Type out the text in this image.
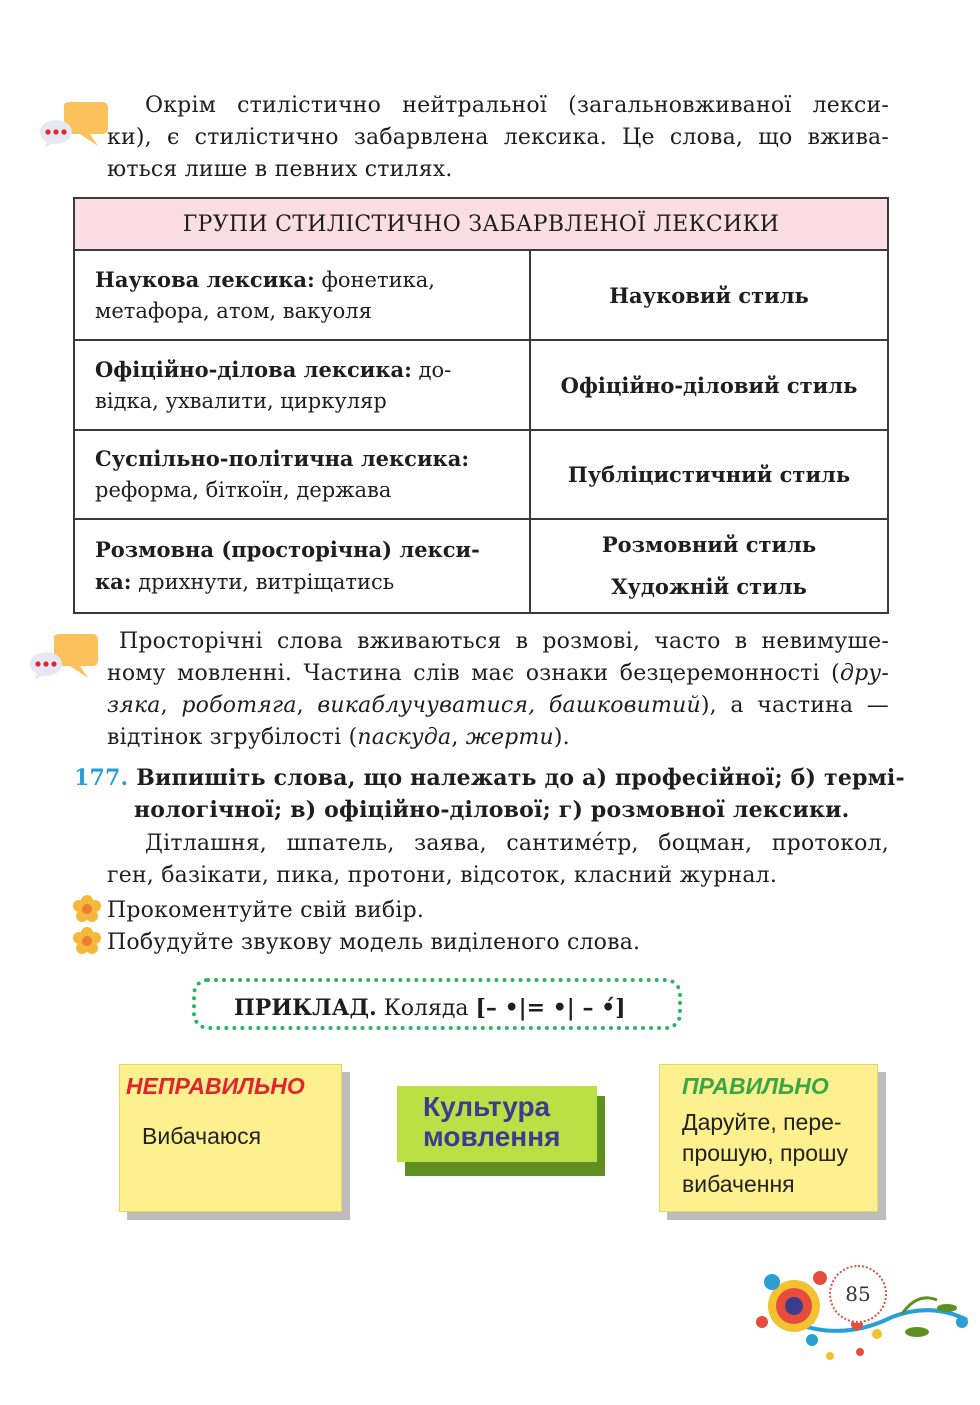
Окрім стилістично нейтральної (загальновживаної лекси-
ки), є стилістично забарвлена лексика. Це слова, що вжива-
ються лише в певних стилях.
ГРУПИ СТИЛІСТИЧНО ЗАБАРВЛЕНОЇ ЛЕКСИКИ	
Наукова лексика: фонетика,
метафора, атом, вакуоля	Науковий стиль
Офіційно-ділова лексика: до-
відка, ухвалити, циркуляр	Офіційно-діловий стиль
Суспільно-політична лексика:
реформа, біткоїн, держава	Публіцистичний стиль
Розмовна (просторічна) лекси-
ка: дрихнути, витріщатись	Розмовний стиль
Художній стиль
Просторічні слова вживаються в розмові, часто в невимуше-
ному мовленні. Частина слів має ознаки безцеремонності (дру-
зяка, роботяга, викаблучуватися, башковитий), а частина —
відтінок згрубілості (паскуда, жерти).
177. Випишіть слова, що належать до а) професійної; б) термі-
нологічної; в) офіційно-ділової; г) розмовної лексики.
Дітлашня, шпатель, заява, сантиме́тр, боцман, протокол,
ген, базікати, пика, протони, відсоток, класний журнал.
Прокоментуйте свій вибір.
Побудуйте звукову модель виділеного слова.
ПРИКЛАД. Коляда [– •|= •| – •́]
НЕПРАВИЛЬНО
Вибачаюся
Культура
мовлення
ПРАВИЛЬНО
Даруйте, пере-
прошую, прошу
вибачення
85
